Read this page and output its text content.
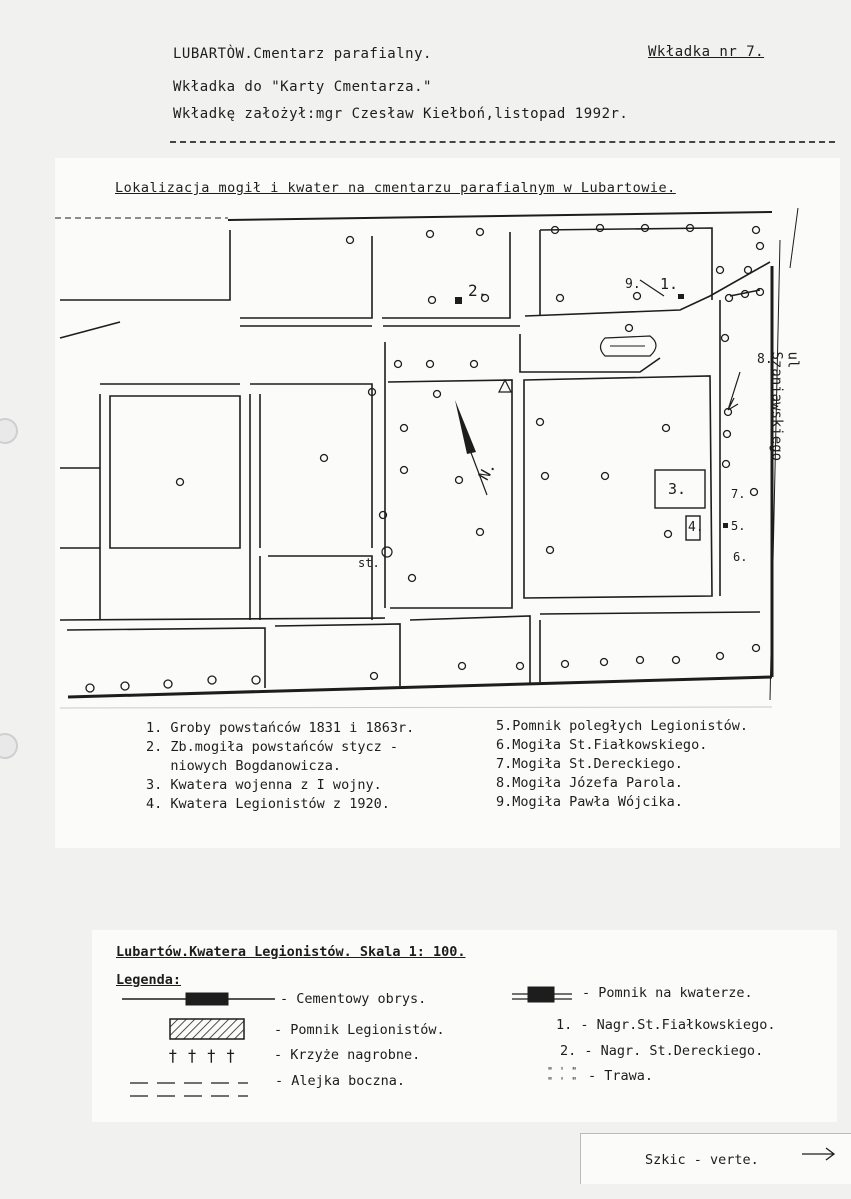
LUBARTÒW.Cmentarz parafialny.	Wkładka nr 7.
Wkładka do "Karty Cmentarza."
Wkładkę założył:mgr Czesław Kiełboń,listopad 1992r.
Lokalizacja mogił i kwater na cmentarzu parafialnym w Lubartowie.
2.	1.
9.
8.
3.
4.
7.
5.
6.
N.
st.
ul Szaniawskiego
1. Groby powstańców 1831 i 1863r.
2. Zb.mogiła powstańców stycz -
niowych Bogdanowicza.
3. Kwatera wojenna z I wojny.
4. Kwatera Legionistów z 1920.
5.Pomnik poległych Legionistów.
6.Mogiła St.Fiałkowskiego.
7.Mogiła St.Dereckiego.
8.Mogiła Józefa Parola.
9.Mogiła Pawła Wójcika.
Lubartów.Kwatera Legionistów. Skala 1: 100.
Legenda:
† † † †
" ' " " ' "
- Cementowy obrys.
- Pomnik Legionistów.
- Krzyże nagrobne.
- Alejka boczna.
- Pomnik na kwaterze.
1. - Nagr.St.Fiałkowskiego.
2. - Nagr. St.Dereckiego.
- Trawa.
Szkic - verte.
